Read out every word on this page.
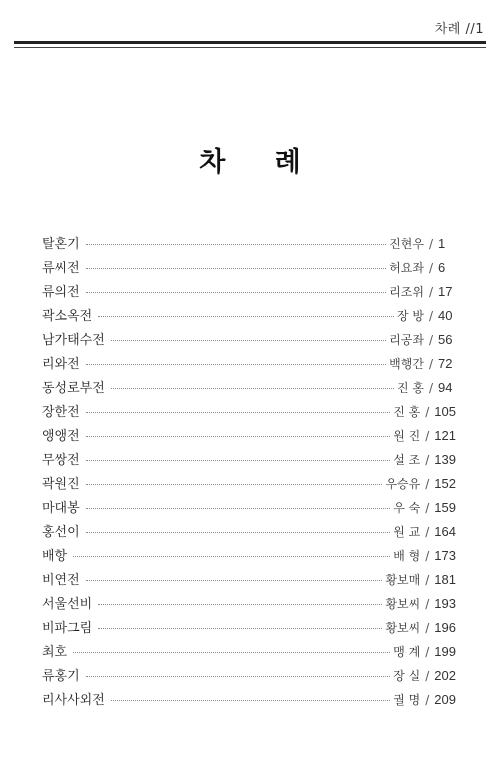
차례 //1
차 례
탈혼기	진현우 / 1
류씨전	허요좌 / 6
류의전	리조위 / 17
곽소옥전	장 방 / 40
남가태수전	리공좌 / 56
리와전	백행간 / 72
동성로부전	진 홍 / 94
장한전	진 홍 / 105
앵앵전	원 진 / 121
무쌍전	설 조 / 139
곽원진	우승유 / 152
마대봉	우 숙 / 159
홍선이	원 교 / 164
배항	배 형 / 173
비연전	황보매 / 181
서울선비	황보씨 / 193
비파그림	황보씨 / 196
최호	맹 계 / 199
류홍기	장 실 / 202
리사사외전	궐 명 / 209
